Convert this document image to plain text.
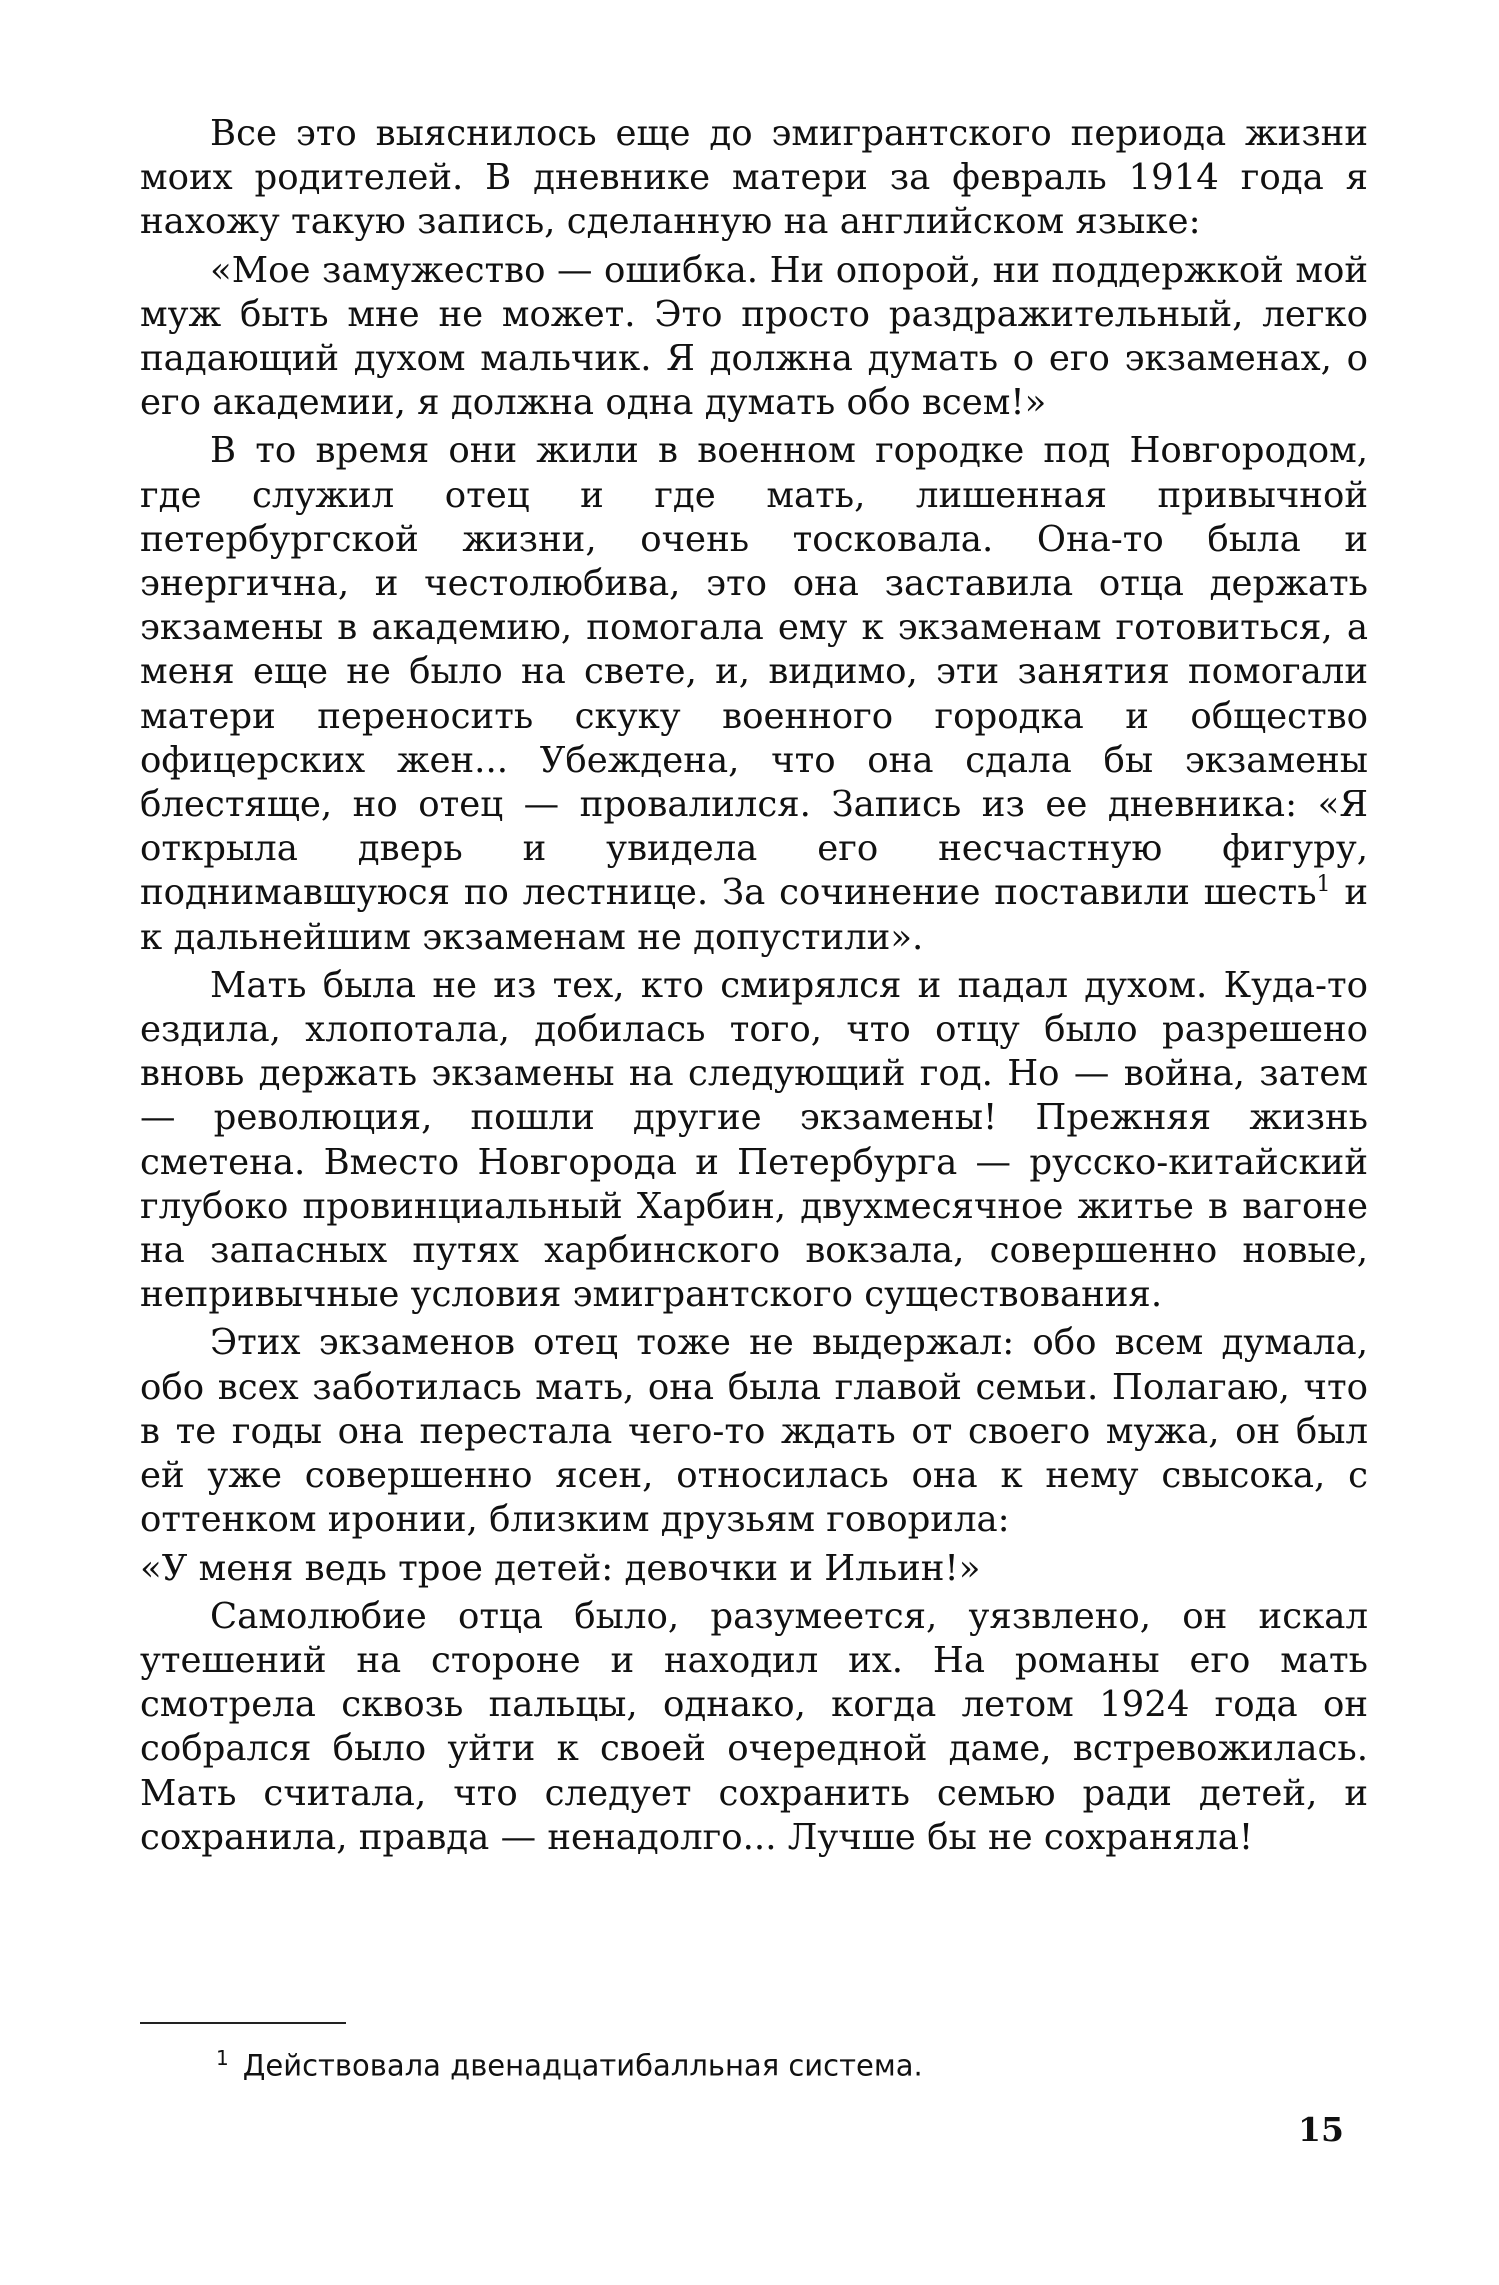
Все это выяснилось еще до эмигрантского периода жизни моих родителей. В дневнике матери за февраль 1914 года я нахожу такую запись, сделанную на английском языке:

«Мое замужество — ошибка. Ни опорой, ни поддержкой мой муж быть мне не может. Это просто раздражительный, легко падающий духом мальчик. Я должна думать о его экзаменах, о его академии, я должна одна думать обо всем!»

В то время они жили в военном городке под Новгородом, где служил отец и где мать, лишенная привычной петербургской жизни, очень тосковала. Она-то была и энергична, и честолюбива, это она заставила отца держать экзамены в академию, помогала ему к экзаменам готовиться, а меня еще не было на свете, и, видимо, эти занятия помогали матери переносить скуку военного городка и общество офицерских жен... Убеждена, что она сдала бы экзамены блестяще, но отец — провалился. Запись из ее дневника: «Я открыла дверь и увидела его несчастную фигуру, поднимавшуюся по лестнице. За сочинение поставили шесть$^1$ и к дальнейшим экзаменам не допустили».

Мать была не из тех, кто смирялся и падал духом. Куда-то ездила, хлопотала, добилась того, что отцу было разрешено вновь держать экзамены на следующий год. Но — война, затем — революция, пошли другие экзамены! Прежняя жизнь сметена. Вместо Новгорода и Петербурга — русско-китайский глубоко провинциальный Харбин, двухмесячное житье в вагоне на запасных путях харбинского вокзала, совершенно новые, непривычные условия эмигрантского существования.

Этих экзаменов отец тоже не выдержал: обо всем думала, обо всех заботилась мать, она была главой семьи. Полагаю, что в те годы она перестала чего-то ждать от своего мужа, он был ей уже совершенно ясен, относилась она к нему свысока, с оттенком иронии, близким друзьям говорила:

«У меня ведь трое детей: девочки и Ильин!»

Самолюбие отца было, разумеется, уязвлено, он искал утешений на стороне и находил их. На романы его мать смотрела сквозь пальцы, однако, когда летом 1924 года он собрался было уйти к своей очередной даме, встревожилась. Мать считала, что следует сохранить семью ради детей, и сохранила, правда — ненадолго... Лучше бы не сохраняла!

$^1$ Действовала двенадцатибалльная система.
15
